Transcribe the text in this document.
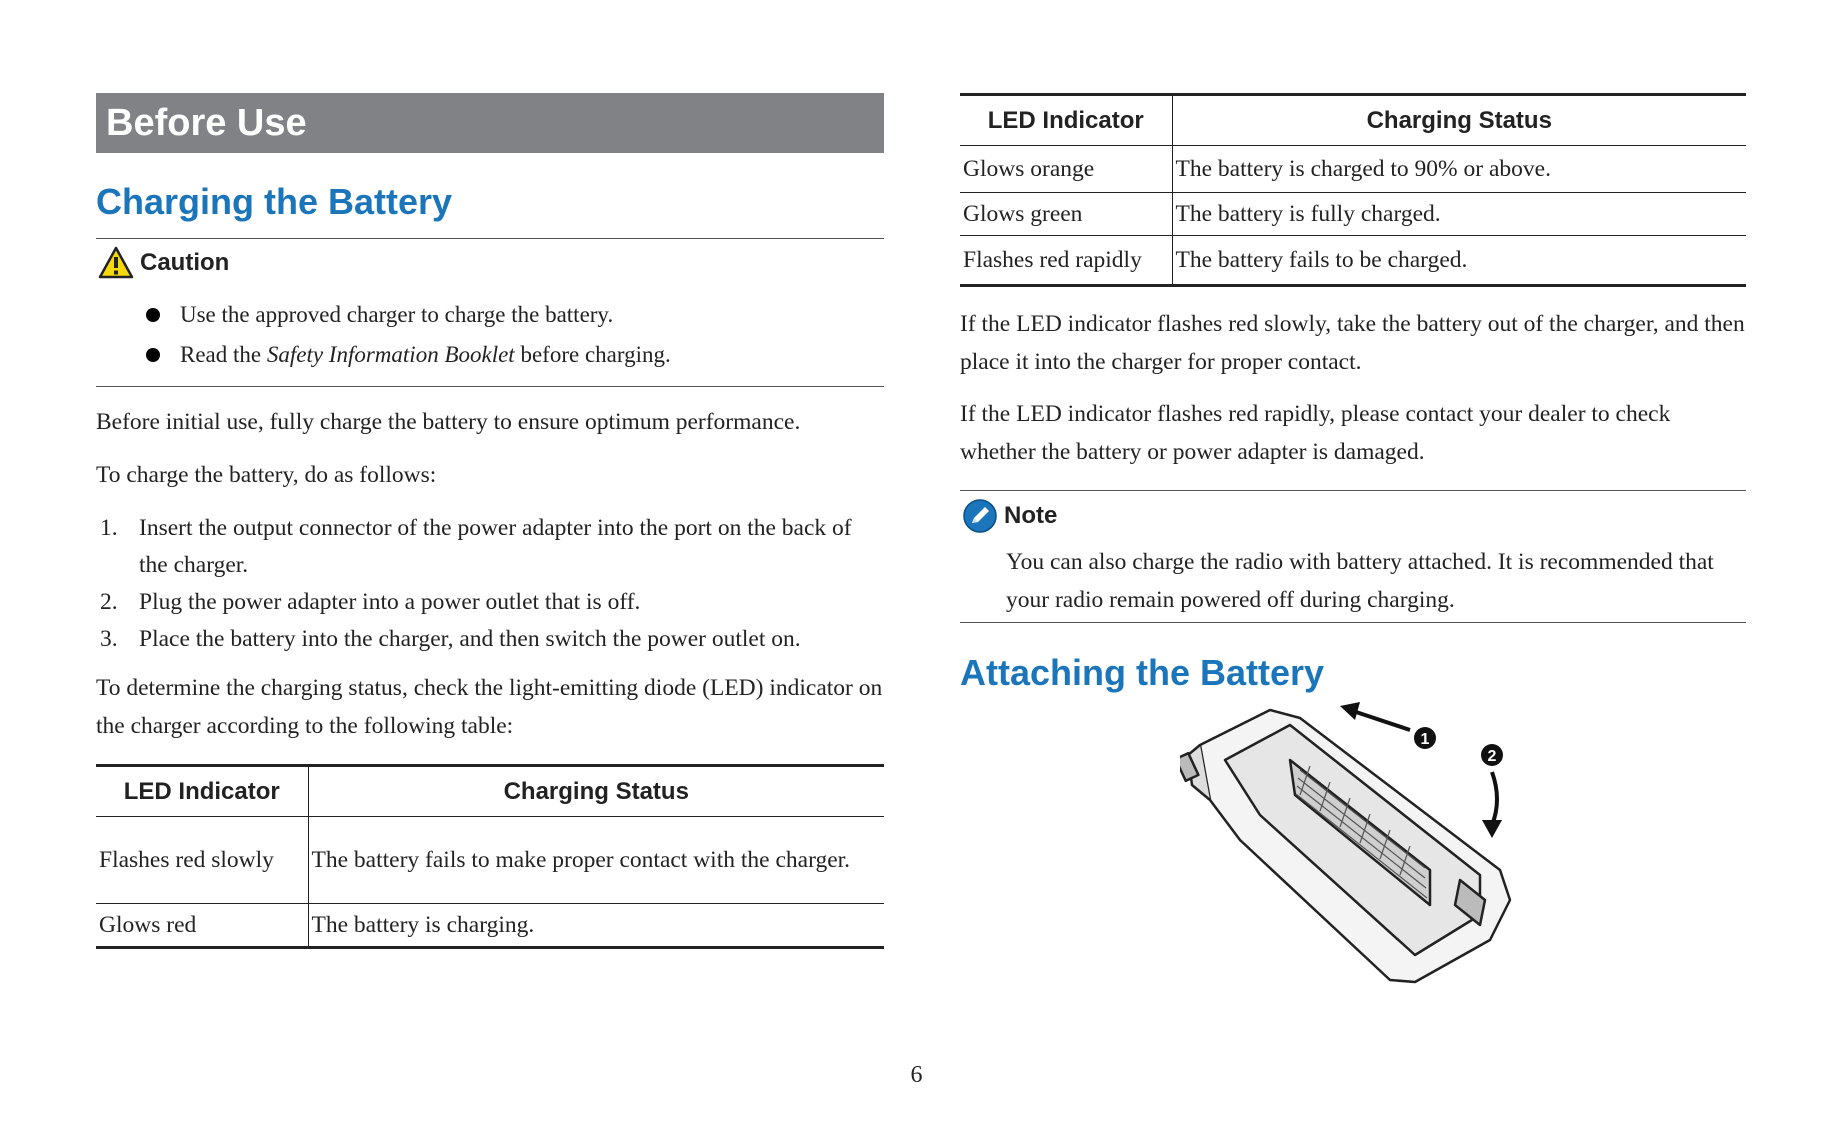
Before Use
Charging the Battery
Caution
Use the approved charger to charge the battery.
Read the Safety Information Booklet before charging.

Before initial use, fully charge the battery to ensure optimum performance.

To charge the battery, do as follows:

1. Insert the output connector of the power adapter into the port on the back of the charger.
2. Plug the power adapter into a power outlet that is off.
3. Place the battery into the charger, and then switch the power outlet on.

To determine the charging status, check the light-emitting diode (LED) indicator on the charger according to the following table:

LED Indicator	Charging Status
Flashes red slowly	The battery fails to make proper contact with the charger.
Glows red	The battery is charging.
LED Indicator	Charging Status
Glows orange	The battery is charged to 90% or above.
Glows green	The battery is fully charged.
Flashes red rapidly	The battery fails to be charged.

If the LED indicator flashes red slowly, take the battery out of the charger, and then place it into the charger for proper contact.

If the LED indicator flashes red rapidly, please contact your dealer to check whether the battery or power adapter is damaged.

Note

You can also charge the radio with battery attached. It is recommended that your radio remain powered off during charging.

Attaching the Battery
1
2
6
